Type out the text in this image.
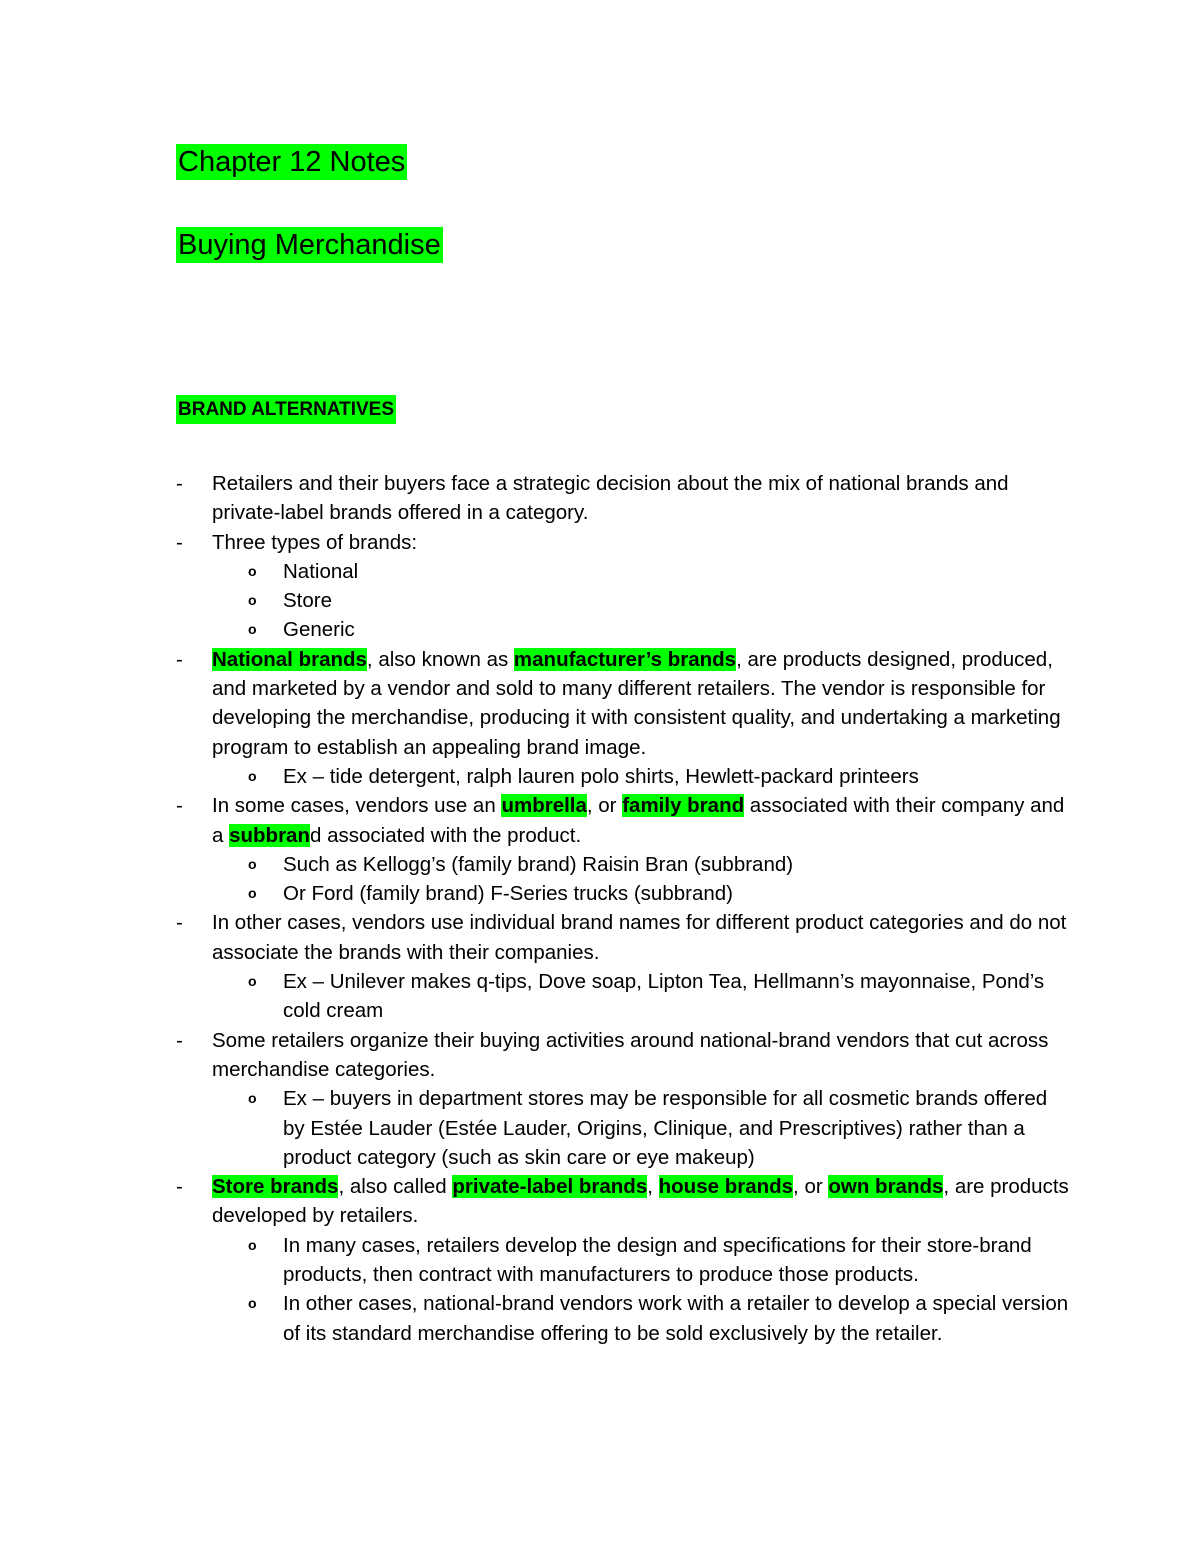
Chapter 12 Notes
Buying Merchandise
BRAND ALTERNATIVES
- Retailers and their buyers face a strategic decision about the mix of national brands and private-label brands offered in a category.
- Three types of brands:
o National
o Store
o Generic
- National brands, also known as manufacturer’s brands, are products designed, produced, and marketed by a vendor and sold to many different retailers. The vendor is responsible for developing the merchandise, producing it with consistent quality, and undertaking a marketing program to establish an appealing brand image.
o Ex – tide detergent, ralph lauren polo shirts, Hewlett-packard printeers
- In some cases, vendors use an umbrella, or family brand associated with their company and a subbrand associated with the product.
o Such as Kellogg’s (family brand) Raisin Bran (subbrand)
o Or Ford (family brand) F-Series trucks (subbrand)
- In other cases, vendors use individual brand names for different product categories and do not associate the brands with their companies.
o Ex – Unilever makes q-tips, Dove soap, Lipton Tea, Hellmann’s mayonnaise, Pond’s cold cream
- Some retailers organize their buying activities around national-brand vendors that cut across merchandise categories.
o Ex – buyers in department stores may be responsible for all cosmetic brands offered by Estée Lauder (Estée Lauder, Origins, Clinique, and Prescriptives) rather than a product category (such as skin care or eye makeup)
- Store brands, also called private-label brands, house brands, or own brands, are products developed by retailers.
o In many cases, retailers develop the design and specifications for their store-brand products, then contract with manufacturers to produce those products.
o In other cases, national-brand vendors work with a retailer to develop a special version of its standard merchandise offering to be sold exclusively by the retailer.
